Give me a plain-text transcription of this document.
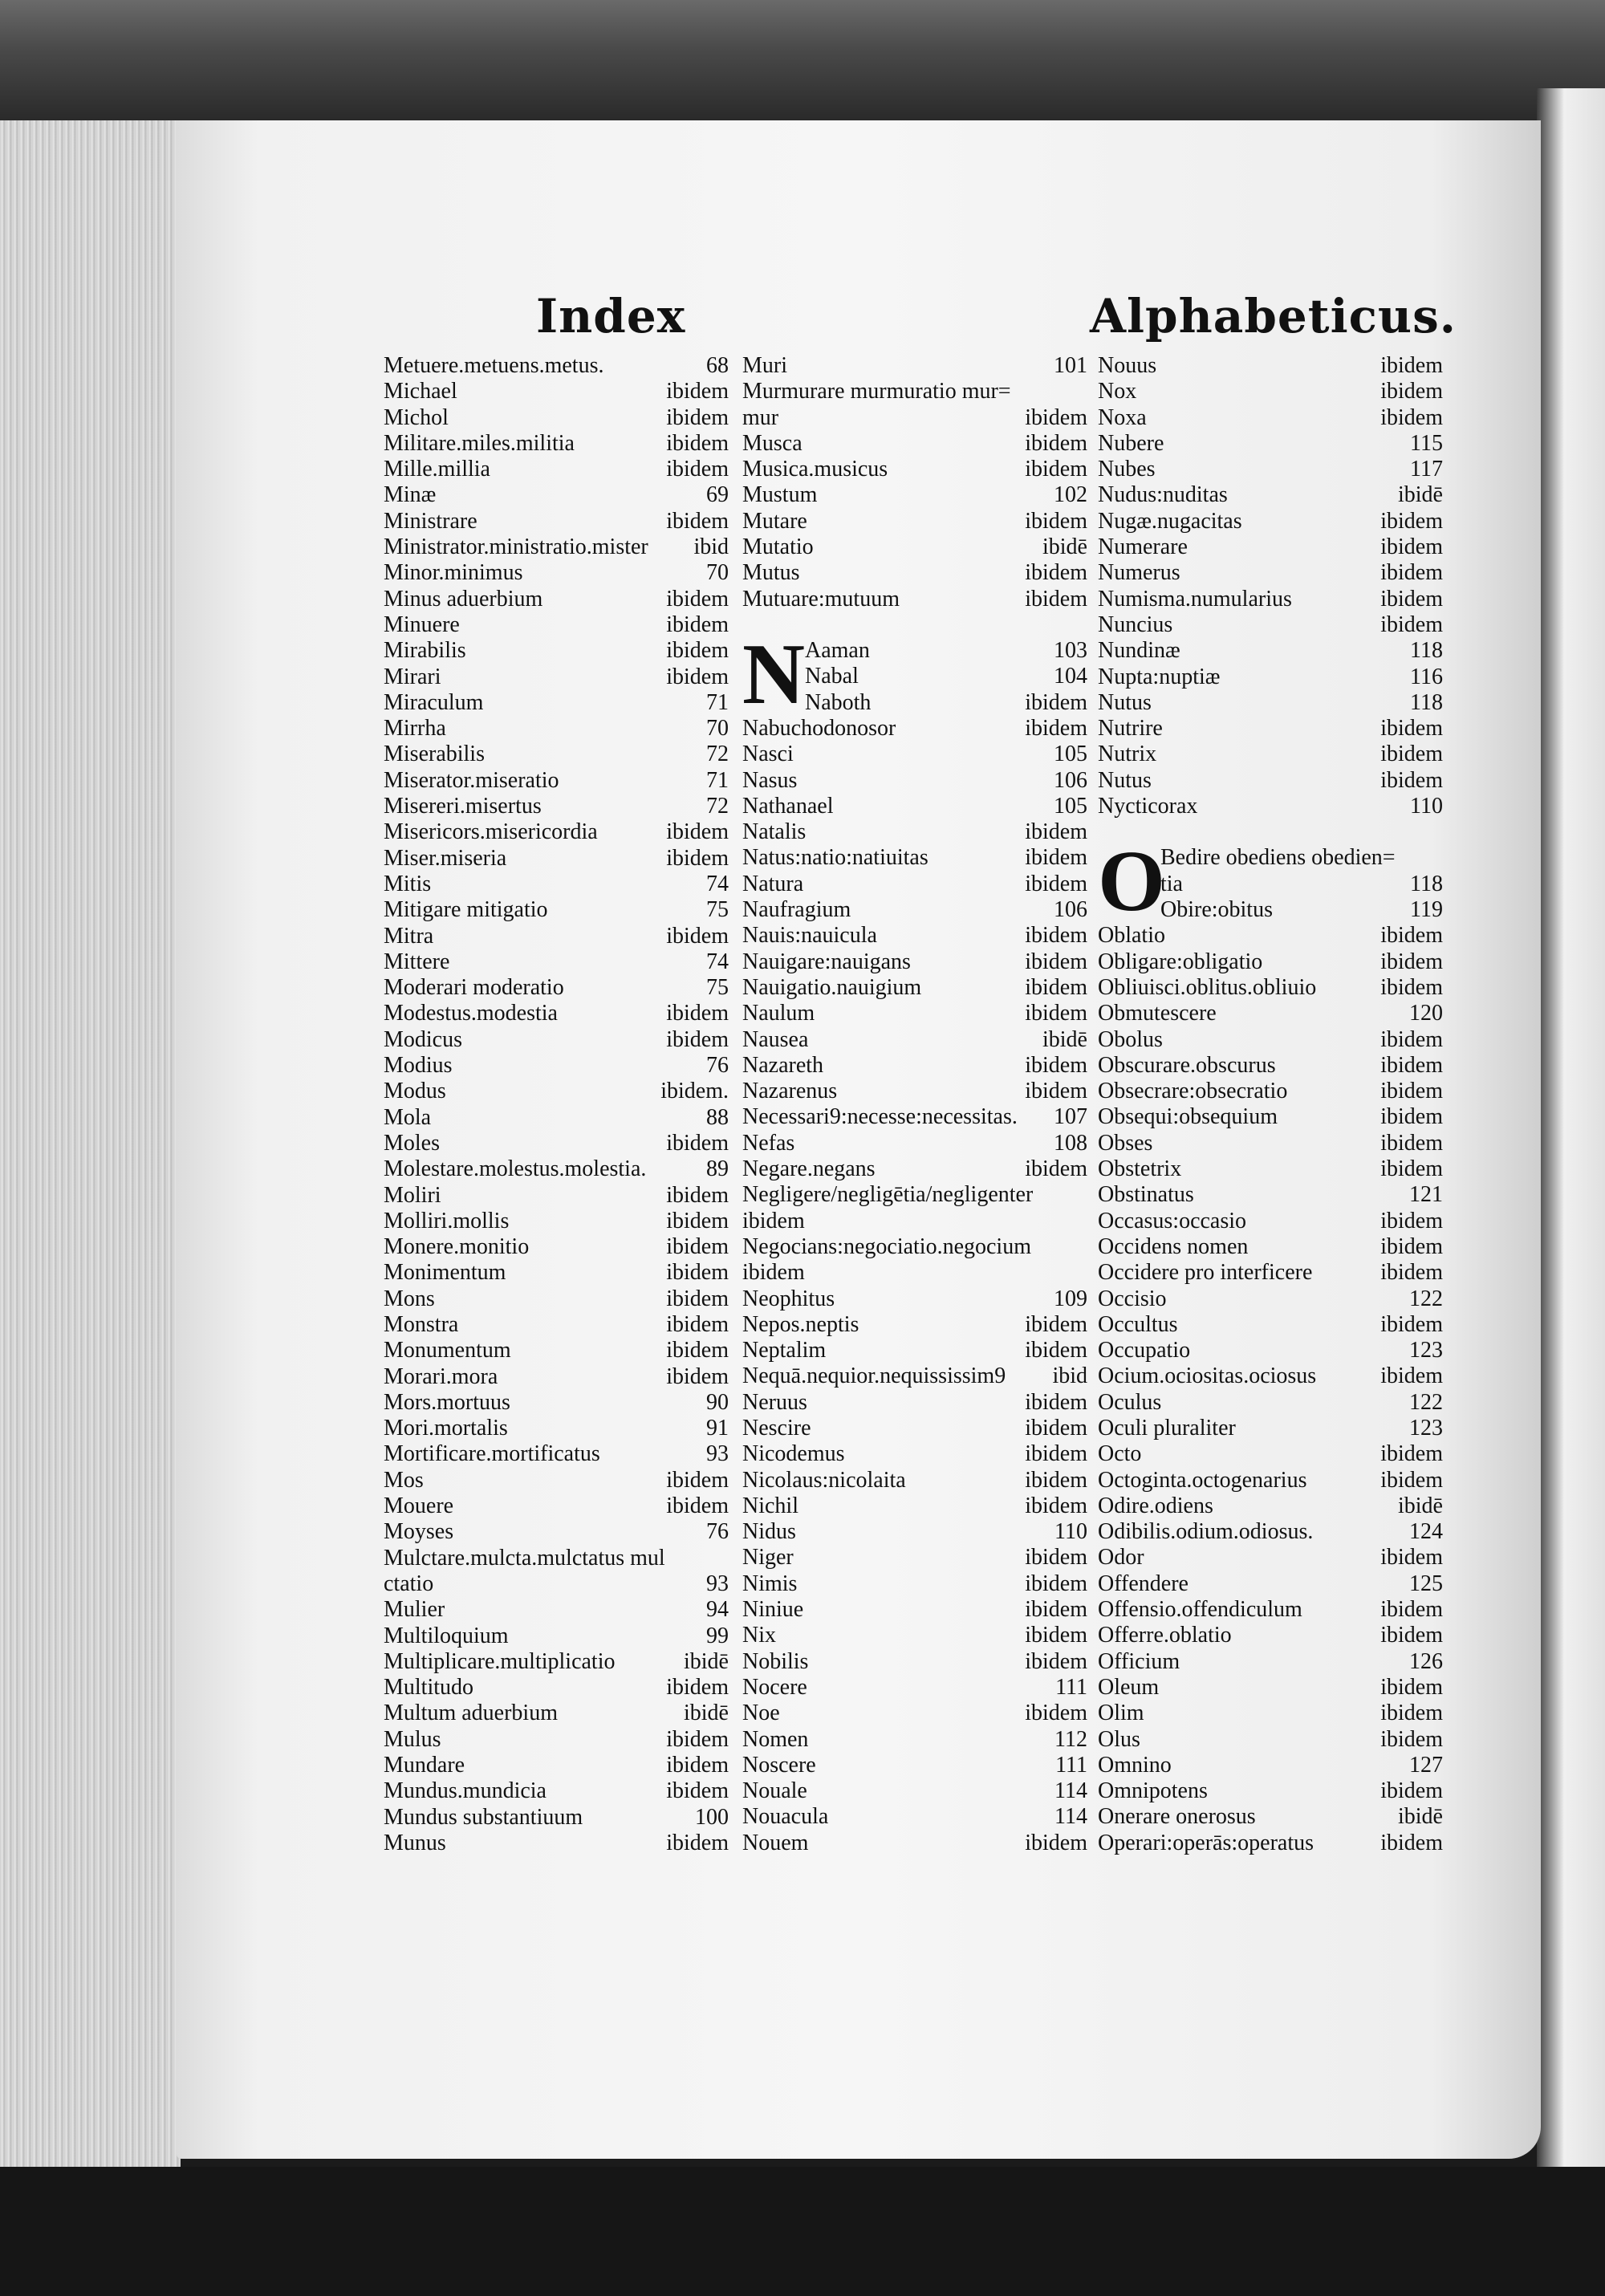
Index	Alphabeticus.
Metuere.metuens.metus.	68
Michael	ibidem
Michol	ibidem
Militare.miles.militia	ibidem
Mille.millia	ibidem
Minæ	69
Ministrare	ibidem
Ministrator.ministratio.mister ibid
Minor.minimus	70
Minus aduerbium	ibidem
Minuere	ibidem
Mirabilis	ibidem
Mirari	ibidem
Miraculum	71
Mirrha	70
Miserabilis	72
Miserator.miseratio	71
Misereri.misertus	72
Misericors.misericordia	ibidem
Miser.miseria	ibidem
Mitis	74
Mitigare mitigatio	75
Mitra	ibidem
Mittere	74
Moderari moderatio	75
Modestus.modestia	ibidem
Modicus	ibidem
Modius	76
Modus	ibidem.
Mola	88
Moles	ibidem
Molestare.molestus.molestia.	89
Moliri	ibidem
Molliri.mollis	ibidem
Monere.monitio	ibidem
Monimentum	ibidem
Mons	ibidem
Monstra	ibidem
Monumentum	ibidem
Morari.mora	ibidem
Mors.mortuus	90
Mori.mortalis	91
Mortificare.mortificatus	93
Mos	ibidem
Mouere	ibidem
Moyses	76
Mulctare.mulcta.mulctatus mul
ctatio	93
Mulier	94
Multiloquium	99
Multiplicare.multiplicatio	ibidē
Multitudo	ibidem
Multum aduerbium	ibidē
Mulus	ibidem
Mundare	ibidem
Mundus.mundicia	ibidem
Mundus substantiuum	100
Munus	ibidem
Muri	101
Murmurare murmuratio mur=
mur	ibidem
Musca	ibidem
Musica.musicus	ibidem
Mustum	102
Mutare	ibidem
Mutatio	ibidē
Mutus	ibidem
Mutuare:mutuum	ibidem
N Aaman	103
Nabal	104
Naboth	ibidem
Nabuchodonosor	ibidem
Nasci	105
Nasus	106
Nathanael	105
Natalis	ibidem
Natus:natio:natiuitas	ibidem
Natura	ibidem
Naufragium	106
Nauis:nauicula	ibidem
Nauigare:nauigans	ibidem
Nauigatio.nauigium	ibidem
Naulum	ibidem
Nausea	ibidē
Nazareth	ibidem
Nazarenus	ibidem
Necessari9:necesse:necessitas. 107
Nefas	108
Negare.negans	ibidem
Negligere/negligētia/negligenter
ibidem
Negocians:negociatio.negocium
ibidem
Neophitus	109
Nepos.neptis	ibidem
Neptalim	ibidem
Nequā.nequior.nequississim9 ibid
Neruus	ibidem
Nescire	ibidem
Nicodemus	ibidem
Nicolaus:nicolaita	ibidem
Nichil	ibidem
Nidus	110
Niger	ibidem
Nimis	ibidem
Niniue	ibidem
Nix	ibidem
Nobilis	ibidem
Nocere	111
Noe	ibidem
Nomen	112
Noscere	111
Nouale	114
Nouacula	114
Nouem	ibidem
Nouus	ibidem
Nox	ibidem
Noxa	ibidem
Nubere	115
Nubes	117
Nudus:nuditas	ibidē
Nugæ.nugacitas	ibidem
Numerare	ibidem
Numerus	ibidem
Numisma.numularius	ibidem
Nuncius	ibidem
Nundinæ	118
Nupta:nuptiæ	116
Nutus	118
Nutrire	ibidem
Nutrix	ibidem
Nutus	ibidem
Nycticorax	110
O
Bedire obediens obedien=
tia	118
Obire:obitus	119
Oblatio	ibidem
Obligare:obligatio	ibidem
Obliuisci.oblitus.obliuio	ibidem
Obmutescere	120
Obolus	ibidem
Obscurare.obscurus	ibidem
Obsecrare:obsecratio	ibidem
Obsequi:obsequium	ibidem
Obses	ibidem
Obstetrix	ibidem
Obstinatus	121
Occasus:occasio	ibidem
Occidens nomen	ibidem
Occidere pro interficere	ibidem
Occisio	122
Occultus	ibidem
Occupatio	123
Ocium.ociositas.ociosus	ibidem
Oculus	122
Oculi pluraliter	123
Octo	ibidem
Octoginta.octogenarius	ibidem
Odire.odiens	ibidē
Odibilis.odium.odiosus.	124
Odor	ibidem
Offendere	125
Offensio.offendiculum	ibidem
Offerre.oblatio	ibidem
Officium	126
Oleum	ibidem
Olim	ibidem
Olus	ibidem
Omnino	127
Omnipotens	ibidem
Onerare onerosus	ibidē
Operari:operās:operatus	ibidem
